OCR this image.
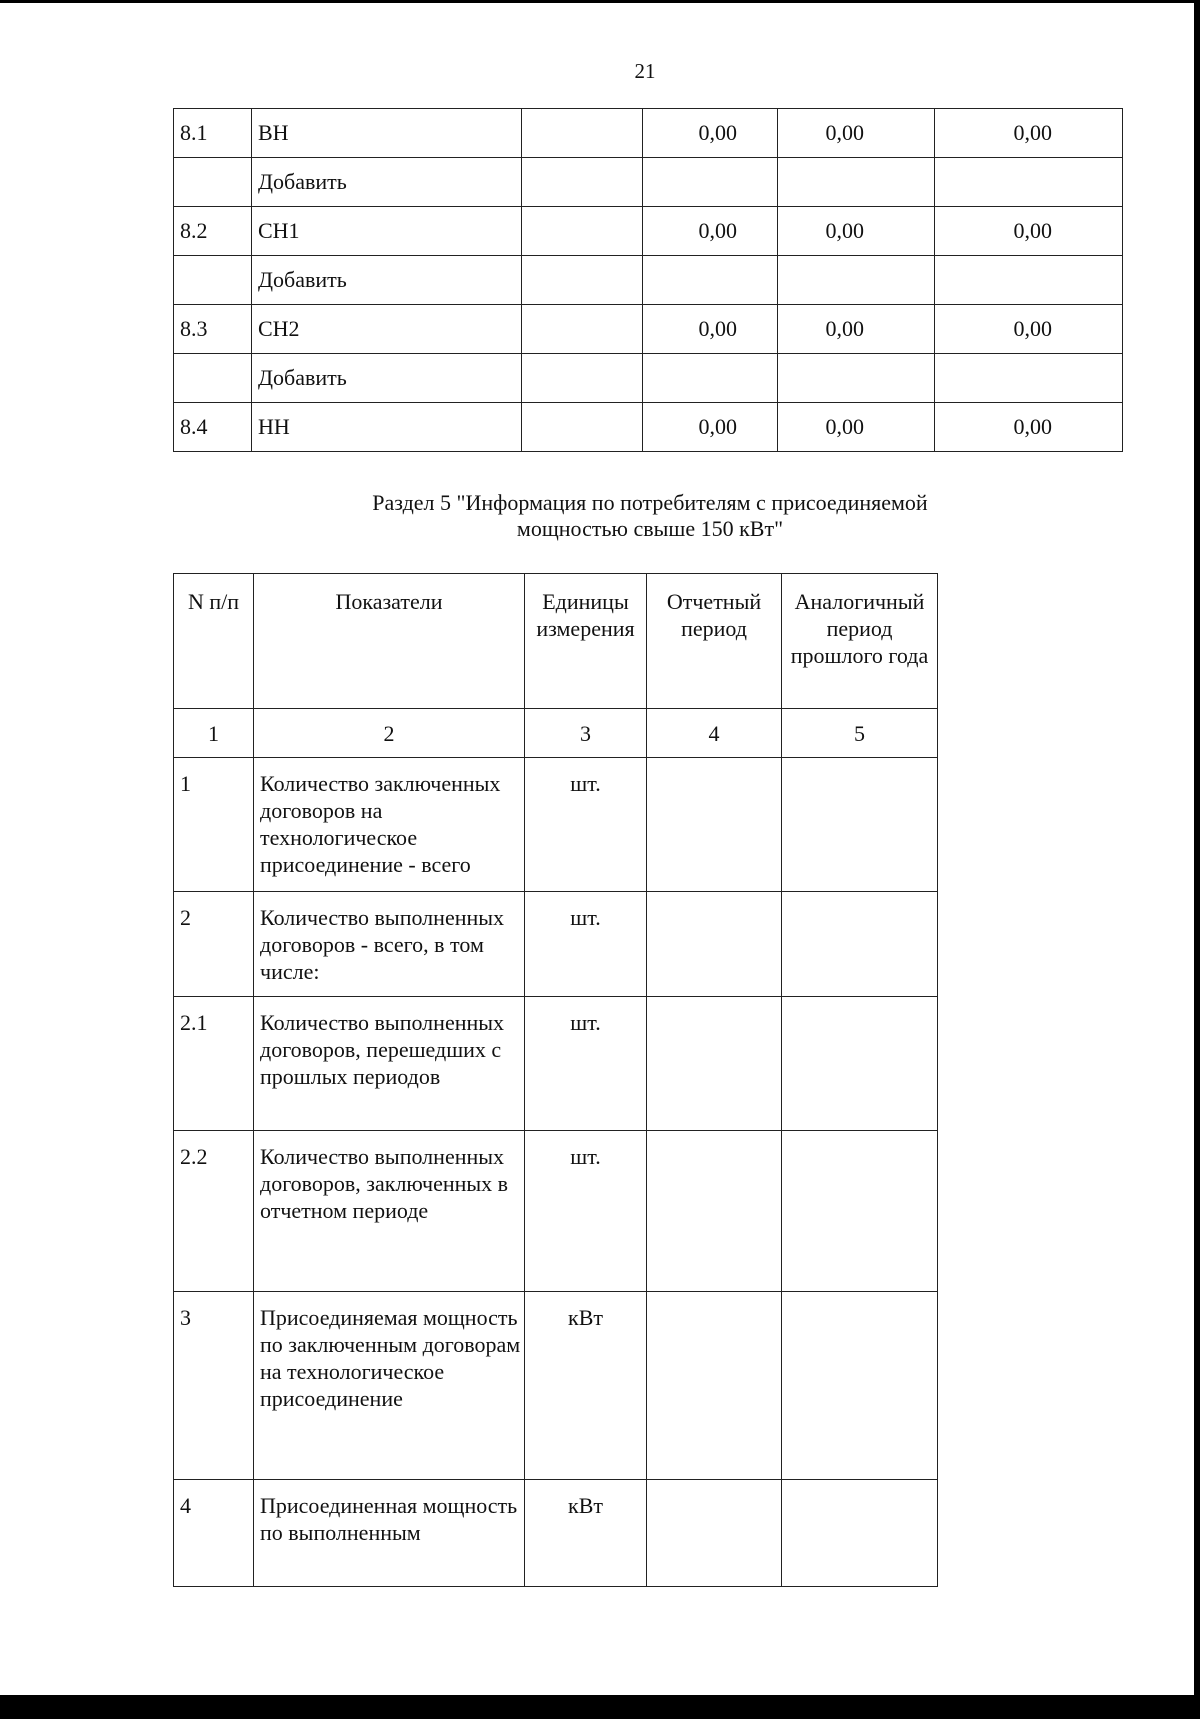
21
8.1	ВН		0,00	0,00	0,00
	Добавить				
8.2	СН1		0,00	0,00	0,00
	Добавить				
8.3	СН2		0,00	0,00	0,00
	Добавить				
8.4	НН		0,00	0,00	0,00
Раздел 5 "Информация по потребителям с присоединяемой
мощностью свыше 150 кВт"
N п/п	Показатели	Единицы измерения	Отчетный период	Аналогичный период прошлого года
1	2	3	4	5
1	Количество заключенных договоров на технологическое присоединение - всего	шт.		
2	Количество выполненных договоров - всего, в том числе:	шт.		
2.1	Количество выполненных договоров, перешедших с прошлых периодов	шт.		
2.2	Количество выполненных договоров, заключенных в отчетном периоде	шт.		
3	Присоединяемая мощность по заключенным договорам на технологическое присоединение	кВт		
4	Присоединенная мощность по выполненным	кВт		
